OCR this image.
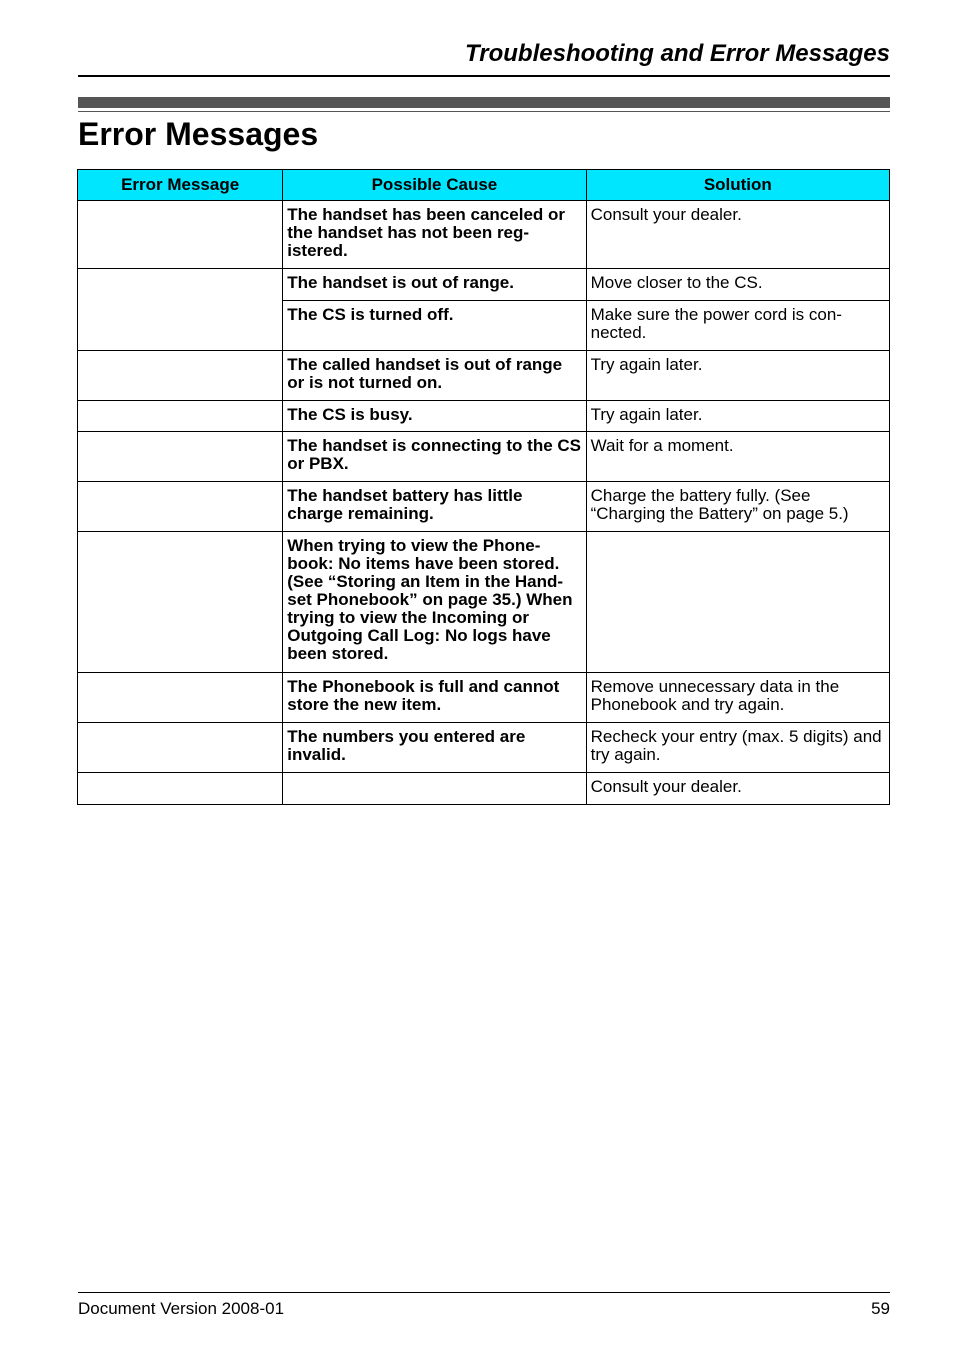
Troubleshooting and Error Messages
Error Messages
Error Message	Possible Cause	Solution
	The handset has been canceled or the handset has not been reg-istered.	Consult your dealer.
	The handset is out of range.	Move closer to the CS.
	The CS is turned off.	Make sure the power cord is con-nected.
	The called handset is out of range or is not turned on.	Try again later.
	The CS is busy.	Try again later.
	The handset is connecting to the CS or PBX.	Wait for a moment.
	The handset battery has little charge remaining.	Charge the battery fully. (See “Charging the Battery” on page 5.)
	When trying to view the Phone-book: No items have been stored. (See “Storing an Item in the Hand-set Phonebook” on page 35.) When trying to view the Incoming or Outgoing Call Log: No logs have been stored.	
	The Phonebook is full and cannot store the new item.	Remove unnecessary data in the Phonebook and try again.
	The numbers you entered are invalid.	Recheck your entry (max. 5 digits) and try again.
		Consult your dealer.
Document Version 2008-01	59
